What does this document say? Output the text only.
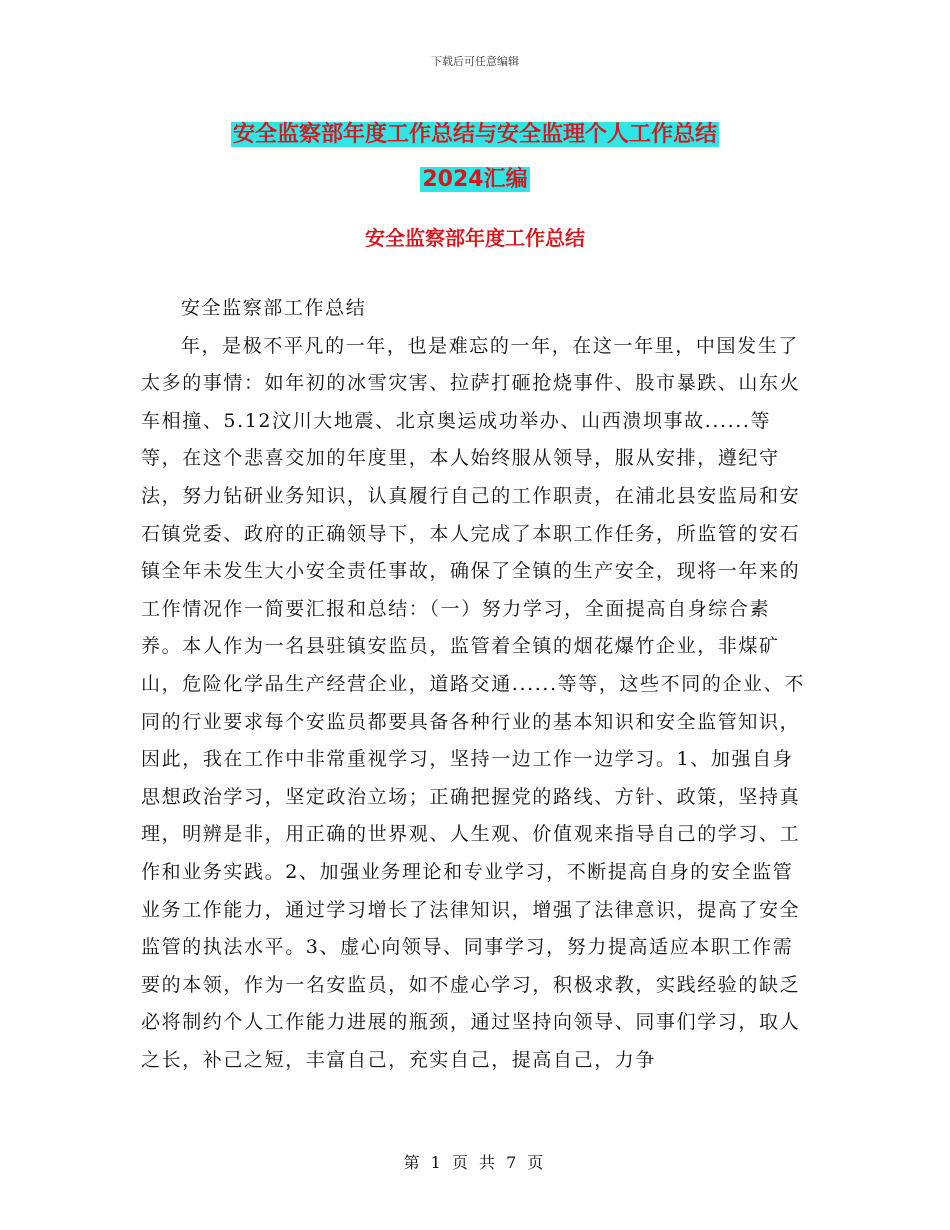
下载后可任意编辑
安全监察部年度工作总结与安全监理个人工作总结
2024汇编
安全监察部年度工作总结

安全监察部工作总结

年，是极不平凡的一年，也是难忘的一年，在这一年里，中国发生了太多的事情：如年初的冰雪灾害、拉萨打砸抢烧事件、股市暴跌、山东火车相撞、5.12汶川大地震、北京奥运成功举办、山西溃坝事故......等等，在这个悲喜交加的年度里，本人始终服从领导，服从安排，遵纪守法，努力钻研业务知识，认真履行自己的工作职责，在浦北县安监局和安石镇党委、政府的正确领导下，本人完成了本职工作任务，所监管的安石镇全年未发生大小安全责任事故，确保了全镇的生产安全，现将一年来的工作情况作一简要汇报和总结：（一）努力学习，全面提高自身综合素养。本人作为一名县驻镇安监员，监管着全镇的烟花爆竹企业，非煤矿山，危险化学品生产经营企业，道路交通......等等，这些不同的企业、不同的行业要求每个安监员都要具备各种行业的基本知识和安全监管知识，因此，我在工作中非常重视学习，坚持一边工作一边学习。1、加强自身思想政治学习，坚定政治立场；正确把握党的路线、方针、政策，坚持真理，明辨是非，用正确的世界观、人生观、价值观来指导自己的学习、工作和业务实践。2、加强业务理论和专业学习，不断提高自身的安全监管业务工作能力，通过学习增长了法律知识，增强了法律意识，提高了安全监管的执法水平。3、虚心向领导、同事学习，努力提高适应本职工作需要的本领，作为一名安监员，如不虚心学习，积极求教，实践经验的缺乏必将制约个人工作能力进展的瓶颈，通过坚持向领导、同事们学习，取人之长，补己之短，丰富自己，充实自己，提高自己，力争

第 1 页 共 7 页
